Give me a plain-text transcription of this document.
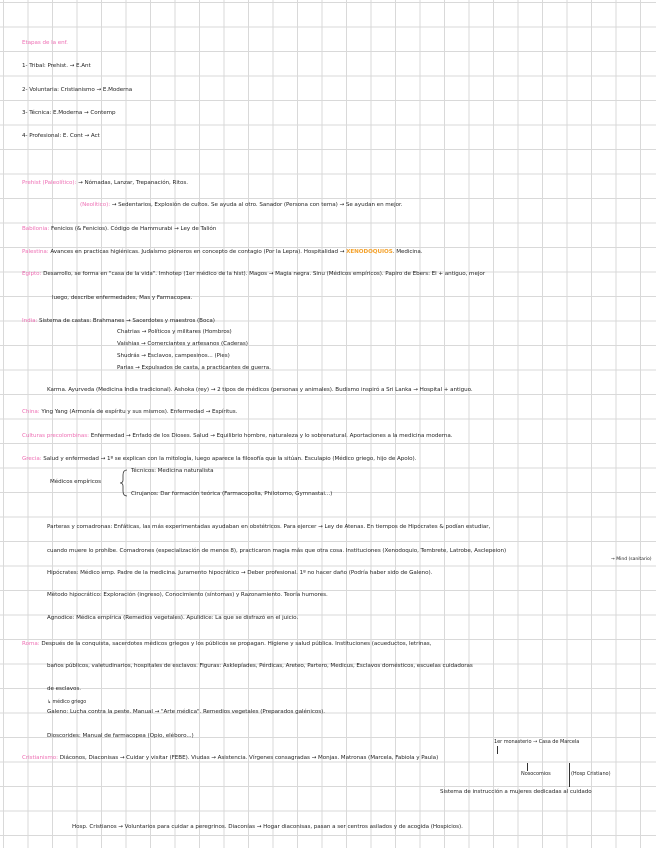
Etapas de la enf.
1- Tribal: Prehist. → E.Ant
2- Voluntaria: Cristianismo → E.Moderna
3- Técnica: E.Moderna → Contemp
4- Profesional: E. Cont → Act
Prehist (Paleolítico): → Nómadas, Lanzar, Trepanación, Ritos.
(Neolítico): → Sedentarios, Explosión de cultos. Se ayuda al otro. Sanador (Persona con tema) → Se ayudan en mejor.
Babilonia: Fenicios (& Fenicios). Código de Hammurabi → Ley de Talión
Palestina: Avances en practicas higiénicas. Judaísmo pioneros en concepto de contagio (Por la Lepra). Hospitalidad → XENODOQUIOS. Medicina.
Egipto: Desarrollo, se forma en "casa de la vida". Imhotep (1er médico de la hist). Magos → Magia negra. Sinu (Médicos empíricos). Papiro de Ebers: El + antiguo, mejor
luego, describe enfermedades, Mas y Farmacopea.
India: Sistema de castas: Brahmanes → Sacerdotes y maestros (Boca)
Chatrias → Políticos y militares (Hombros)
Vaishias → Comerciantes y artesanos (Caderas)
Shudrás → Esclavos, campesinos... (Pies)
Parias → Expulsados de casta, a practicantes de guerra.
Karma. Ayurveda (Medicina India tradicional). Ashoka (rey) → 2 tipos de médicos (personas y animales). Budismo inspiró a Sri Lanka → Hospital + antiguo.
China: Ying Yang (Armonía de espíritu y sus mismos). Enfermedad → Espíritus.
Culturas precolombinas: Enfermedad → Enfado de los Dioses. Salud → Equilibrio hombre, naturaleza y lo sobrenatural. Aportaciones a la medicina moderna.
Grecia: Salud y enfermedad → 1º se explican con la mitología, luego aparece la filosofía que la sitúan. Esculapio (Médico griego, hijo de Apolo).
Técnicos: Medicina naturalista
Médicos empíricos
Cirujanos: Dar formación teórica (Farmacopolia, Philotomo, Gymnastai...)
Parteras y comadronas: Enfáticas, las más experimentadas ayudaban en obstétricos. Para ejercer → Ley de Atenas. En tiempos de Hipócrates & podían estudiar,
cuando muere lo prohíbe. Comadrones (especialización de menos 8), practicaron magia más que otra cosa. Instituciones (Xenodoquio, Tembrete, Latrobe, Asclepeion)
→ Mind (sanitario)
Hipócrates: Médico emp. Padre de la medicina. Juramento hipocrático → Deber profesional. 1º no hacer daño (Podría haber sido de Galeno).
Método hipocrático: Exploración (ingreso), Conocimiento (síntomas) y Razonamiento. Teoría humores.
Agnodice: Médica empírica (Remedios vegetales). Apulidice: La que se disfrazó en el juicio.
Roma: Después de la conquista, sacerdotes médicos griegos y los públicos se propagan. Higiene y salud pública. Instituciones (acueductos, letrinas,
baños públicos, valetudinarios, hospitales de esclavos. Figuras: Asklepíades, Pérdicas, Areteo, Partero, Medicus, Esclavos domésticos, escuelas cuidadoras
de esclavos.
↳ médico griego
Galeno: Lucha contra la peste. Manual → "Arte médica". Remedios vegetales (Preparados galénicos).
Dioscorides: Manual de farmacopea (Opio, eléboro...)
1er monasterio → Casa de Marcela
Cristianismo: Diáconos, Diaconisas → Cuidar y visitar (FEBE). Viudas → Asistencia. Vírgenes consagradas → Monjas. Matronas (Marcela, Fabiola y Paula)
Nosocomios	(Hosp Cristiano)
Sistema de instrucción a mujeres dedicadas al cuidado
Hosp. Cristianos → Voluntarios para cuidar a peregrinos. Diaconías → Hogar diaconisas, pasan a ser centros asilados y de acogida (Hospicios).
